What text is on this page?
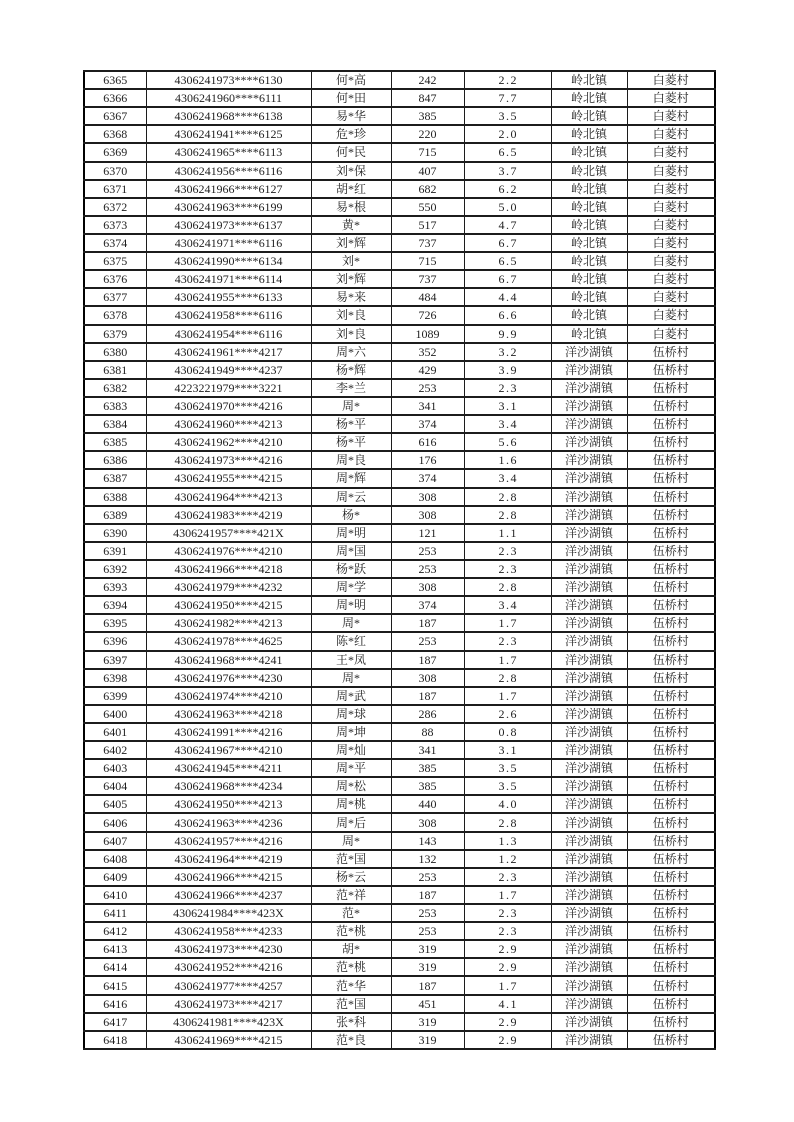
6365	4306241973****6130	何*高	242	2.2	岭北镇	白菱村
6366	4306241960****6111	何*田	847	7.7	岭北镇	白菱村
6367	4306241968****6138	易*华	385	3.5	岭北镇	白菱村
6368	4306241941****6125	危*珍	220	2.0	岭北镇	白菱村
6369	4306241965****6113	何*民	715	6.5	岭北镇	白菱村
6370	4306241956****6116	刘*保	407	3.7	岭北镇	白菱村
6371	4306241966****6127	胡*红	682	6.2	岭北镇	白菱村
6372	4306241963****6199	易*根	550	5.0	岭北镇	白菱村
6373	4306241973****6137	黄*	517	4.7	岭北镇	白菱村
6374	4306241971****6116	刘*辉	737	6.7	岭北镇	白菱村
6375	4306241990****6134	刘*	715	6.5	岭北镇	白菱村
6376	4306241971****6114	刘*辉	737	6.7	岭北镇	白菱村
6377	4306241955****6133	易*来	484	4.4	岭北镇	白菱村
6378	4306241958****6116	刘*良	726	6.6	岭北镇	白菱村
6379	4306241954****6116	刘*良	1089	9.9	岭北镇	白菱村
6380	4306241961****4217	周*六	352	3.2	洋沙湖镇	伍桥村
6381	4306241949****4237	杨*辉	429	3.9	洋沙湖镇	伍桥村
6382	4223221979****3221	李*兰	253	2.3	洋沙湖镇	伍桥村
6383	4306241970****4216	周*	341	3.1	洋沙湖镇	伍桥村
6384	4306241960****4213	杨*平	374	3.4	洋沙湖镇	伍桥村
6385	4306241962****4210	杨*平	616	5.6	洋沙湖镇	伍桥村
6386	4306241973****4216	周*良	176	1.6	洋沙湖镇	伍桥村
6387	4306241955****4215	周*辉	374	3.4	洋沙湖镇	伍桥村
6388	4306241964****4213	周*云	308	2.8	洋沙湖镇	伍桥村
6389	4306241983****4219	杨*	308	2.8	洋沙湖镇	伍桥村
6390	4306241957****421X	周*明	121	1.1	洋沙湖镇	伍桥村
6391	4306241976****4210	周*国	253	2.3	洋沙湖镇	伍桥村
6392	4306241966****4218	杨*跃	253	2.3	洋沙湖镇	伍桥村
6393	4306241979****4232	周*学	308	2.8	洋沙湖镇	伍桥村
6394	4306241950****4215	周*明	374	3.4	洋沙湖镇	伍桥村
6395	4306241982****4213	周*	187	1.7	洋沙湖镇	伍桥村
6396	4306241978****4625	陈*红	253	2.3	洋沙湖镇	伍桥村
6397	4306241968****4241	王*凤	187	1.7	洋沙湖镇	伍桥村
6398	4306241976****4230	周*	308	2.8	洋沙湖镇	伍桥村
6399	4306241974****4210	周*武	187	1.7	洋沙湖镇	伍桥村
6400	4306241963****4218	周*球	286	2.6	洋沙湖镇	伍桥村
6401	4306241991****4216	周*坤	88	0.8	洋沙湖镇	伍桥村
6402	4306241967****4210	周*灿	341	3.1	洋沙湖镇	伍桥村
6403	4306241945****4211	周*平	385	3.5	洋沙湖镇	伍桥村
6404	4306241968****4234	周*松	385	3.5	洋沙湖镇	伍桥村
6405	4306241950****4213	周*桃	440	4.0	洋沙湖镇	伍桥村
6406	4306241963****4236	周*后	308	2.8	洋沙湖镇	伍桥村
6407	4306241957****4216	周*	143	1.3	洋沙湖镇	伍桥村
6408	4306241964****4219	范*国	132	1.2	洋沙湖镇	伍桥村
6409	4306241966****4215	杨*云	253	2.3	洋沙湖镇	伍桥村
6410	4306241966****4237	范*祥	187	1.7	洋沙湖镇	伍桥村
6411	4306241984****423X	范*	253	2.3	洋沙湖镇	伍桥村
6412	4306241958****4233	范*桃	253	2.3	洋沙湖镇	伍桥村
6413	4306241973****4230	胡*	319	2.9	洋沙湖镇	伍桥村
6414	4306241952****4216	范*桃	319	2.9	洋沙湖镇	伍桥村
6415	4306241977****4257	范*华	187	1.7	洋沙湖镇	伍桥村
6416	4306241973****4217	范*国	451	4.1	洋沙湖镇	伍桥村
6417	4306241981****423X	张*科	319	2.9	洋沙湖镇	伍桥村
6418	4306241969****4215	范*良	319	2.9	洋沙湖镇	伍桥村
